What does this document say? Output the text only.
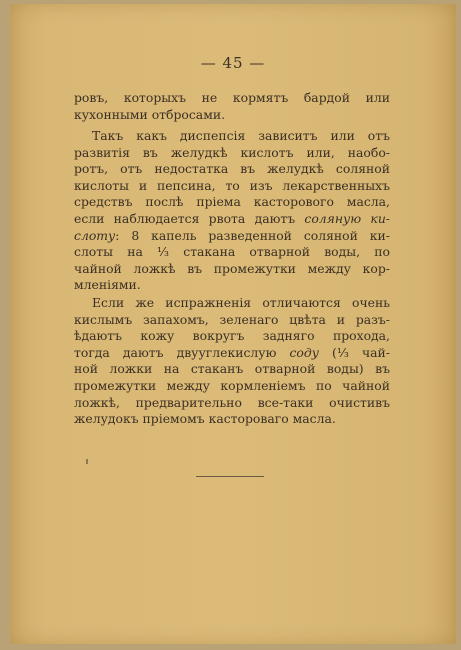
— 45 —
ровъ, которыхъ не кормятъ бардой или
кухонными отбросами.
Такъ какъ диспепсія зависитъ или отъ
развитія въ желудкѣ кислотъ или, наобо-
ротъ, отъ недостатка въ желудкѣ соляной
кислоты и пепсина, то изъ лекарственныхъ
средствъ послѣ пріема касторового масла,
если наблюдается рвота даютъ соляную ки-
слоту: 8 капель разведенной соляной ки-
слоты на ⅓ стакана отварной воды, по
чайной ложкѣ въ промежутки между кор-
мленіями.
Если же испражненія отличаются очень
кислымъ запахомъ, зеленаго цвѣта и разъ-
ѣдаютъ кожу вокругъ задняго прохода,
тогда даютъ двууглекислую соду (⅓ чай-
ной ложки на стаканъ отварной воды) въ
промежутки между кормленіемъ по чайной
ложкѣ, предварительно все-таки очистивъ
желудокъ пріемомъ кастороваго масла.
